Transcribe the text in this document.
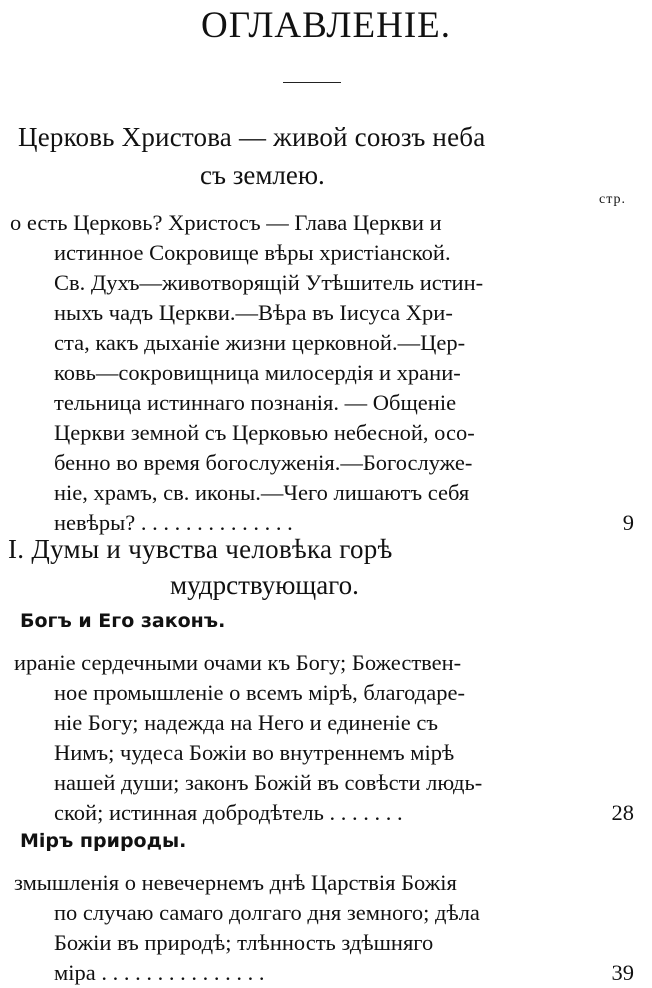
ОГЛАВЛЕНІЕ.
Церковь Христова — живой союзъ неба
съ землею.
стр.
о есть Церковь? Христосъ — Глава Церкви и
истинное Сокровище вѣры христіанской.
Св. Духъ—животворящій Утѣшитель истин-
ныхъ чадъ Церкви.—Вѣра въ Іисуса Хри-
ста, какъ дыханіе жизни церковной.—Цер-
ковь—сокровищница милосердія и храни-
тельница истиннаго познанія. — Общеніе
Церкви земной съ Церковью небесной, осо-
бенно во время богослуженія.—Богослуже-
ніе, храмъ, св. иконы.—Чего лишаютъ себя
невѣры? . . . . . . . . . . . . . .	9
I. Думы и чувства человѣка горѣ
мудрствующаго.
Богъ и Его законъ.
ираніе сердечными очами къ Богу; Божествен-
ное промышленіе о всемъ мірѣ, благодаре-
ніе Богу; надежда на Него и единеніе съ
Нимъ; чудеса Божіи во внутреннемъ мірѣ
нашей души; законъ Божій въ совѣсти людь-
ской; истинная добродѣтель . . . . . . .	28
Міръ природы.
змышленія о невечернемъ днѣ Царствія Божія
по случаю самаго долгаго дня земного; дѣла
Божіи въ природѣ; тлѣнность здѣшняго
міра . . . . . . . . . . . . . . .	39
